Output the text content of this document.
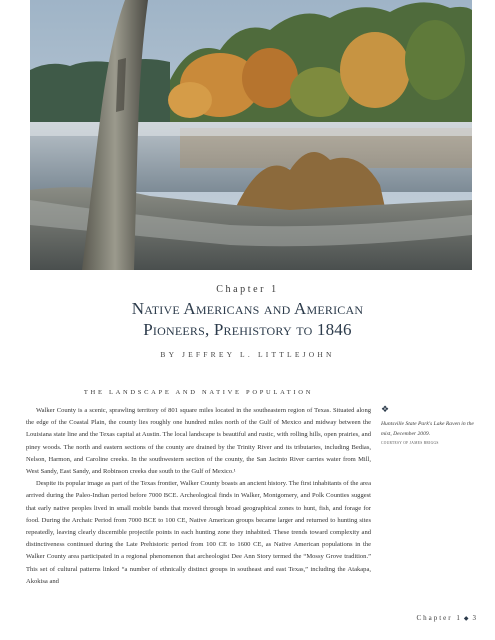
Chapter 1
Native Americans and American
Pioneers, Prehistory to 1846
BY JEFFREY L. LITTLEJOHN
THE LANDSCAPE AND NATIVE POPULATION

Walker County is a scenic, sprawling territory of 801 square miles located in the southeastern region of Texas. Situated along the edge of the Coastal Plain, the county lies roughly one hundred miles north of the Gulf of Mexico and midway between the Louisiana state line and the Texas capital at Austin. The local landscape is beautiful and rustic, with rolling hills, open prairies, and piney woods. The north and eastern sections of the county are drained by the Trinity River and its tributaries, including Bedias, Nelson, Harmon, and Caroline creeks. In the southwestern section of the county, the San Jacinto River carries water from Mill, West Sandy, East Sandy, and Robinson creeks due south to the Gulf of Mexico.¹

Despite its popular image as part of the Texas frontier, Walker County boasts an ancient history. The first inhabitants of the area arrived during the Paleo-Indian period before 7000 BCE. Archeological finds in Walker, Montgomery, and Polk Counties suggest that early native peoples lived in small mobile bands that moved through broad geographical zones to hunt, fish, and forage for food. During the Archaic Period from 7000 BCE to 100 CE, Native American groups became larger and returned to hunting sites repeatedly, leaving clearly discernible projectile points in each hunting zone they inhabited. These trends toward complexity and distinctiveness continued during the Late Prehistoric period from 100 CE to 1600 CE, as Native American populations in the Walker County area participated in a regional phenomenon that archeologist Dee Ann Story termed the “Mossy Grove tradition.” This set of cultural patterns linked “a number of ethnically distinct groups in southeast and east Texas,” including the Atakapa, Akokisa and

❖
Huntsville State Park's Lake Raven in the mist, December 2009.
COURTESY OF JAMES BRIGGS
Chapter 1 ◆ 3
